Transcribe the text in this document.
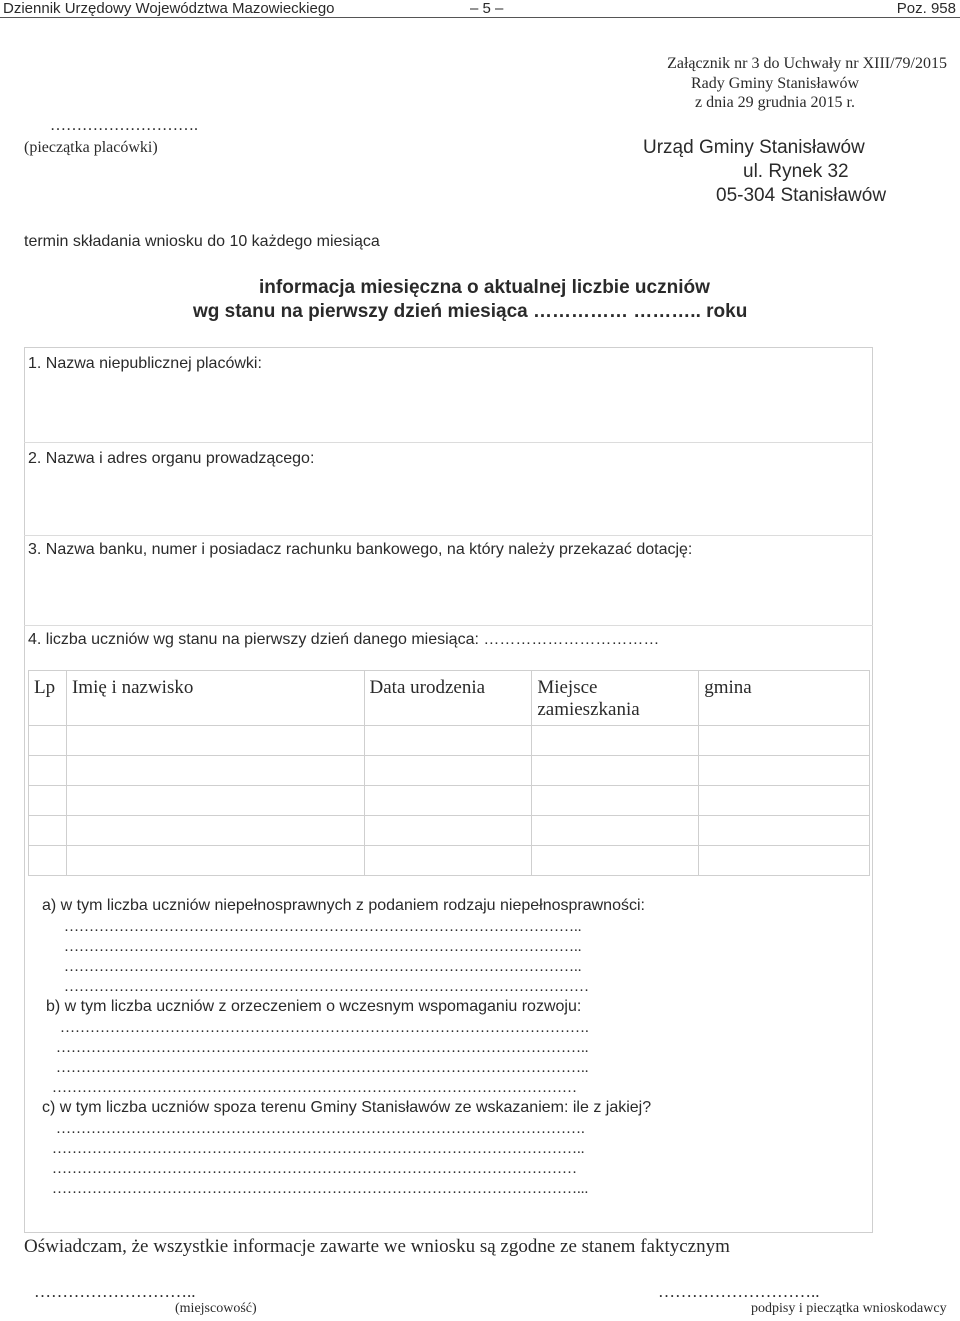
Dziennik Urzędowy Województwa Mazowieckiego	– 5 –	Poz. 958
Załącznik nr 3 do Uchwały nr XIII/79/2015
Rady Gminy Stanisławów
z dnia 29 grudnia 2015 r.
……………………….
(pieczątka placówki)	Urząd Gminy Stanisławów
ul. Rynek 32
05-304 Stanisławów
termin składania wniosku do 10 każdego miesiąca
informacja miesięczna o aktualnej liczbie uczniów
wg stanu na pierwszy dzień miesiąca …………… ……….. roku
1. Nazwa niepublicznej placówki:
2. Nazwa i adres organu prowadzącego:
3. Nazwa banku, numer i posiadacz rachunku bankowego, na który należy przekazać dotację:
4. liczba uczniów wg stanu na pierwszy dzień danego miesiąca: ……………………………
Lp	Imię i nazwisko	Data urodzenia	Miejsce zamieszkania	gmina

a) w tym liczba uczniów niepełnosprawnych z podaniem rodzaju niepełnosprawności:
…………………………………………………………………………………………..
…………………………………………………………………………………………..
…………………………………………………………………………………………..
……………………………………………………………………………………………
b) w tym liczba uczniów z orzeczeniem o wczesnym wspomaganiu rozwoju:
…………………………………………………………………………………………….
……………………………………………………………………………………………..
……………………………………………………………………………………………..
……………………………………………………………………………………………
c) w tym liczba uczniów spoza terenu Gminy Stanisławów ze wskazaniem: ile z jakiej?
…………………………………………………………………………………………….
……………………………………………………………………………………………..
……………………………………………………………………………………………
……………………………………………………………………………………………...
Oświadczam, że wszystkie informacje zawarte we wniosku są zgodne ze stanem faktycznym
………………………..
(miejscowość)
………………………..
podpisy i pieczątka wnioskodawcy
